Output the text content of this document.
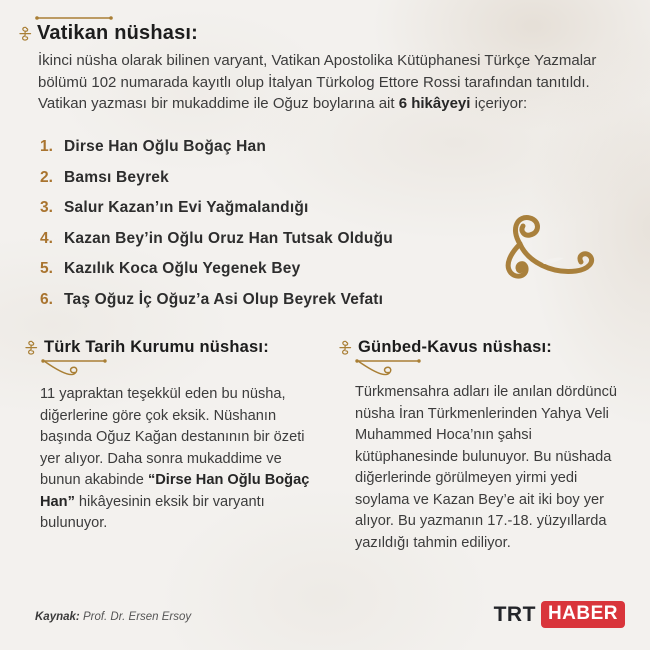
Vatikan nüshası:

İkinci nüsha olarak bilinen varyant, Vatikan Apostolika Kütüphanesi Türkçe Yazmalar bölümü 102 numarada kayıtlı olup İtalyan Türkolog Ettore Rossi tarafından tanıtıldı. Vatikan yazması bir mukaddime ile Oğuz boylarına ait 6 hikâyeyi içeriyor:

1. Dirse Han Oğlu Boğaç Han
2. Bamsı Beyrek
3. Salur Kazan’ın Evi Yağmalandığı
4. Kazan Bey’in Oğlu Oruz Han Tutsak Olduğu
5. Kazılık Koca Oğlu Yegenek Bey
6. Taş Oğuz İç Oğuz’a Asi Olup Beyrek Vefatı
Türk Tarih Kurumu nüshası:

11 yapraktan teşekkül eden bu nüsha, diğerlerine göre çok eksik. Nüshanın başında Oğuz Kağan destanının bir özeti yer alıyor. Daha sonra mukaddime ve bunun akabinde “Dirse Han Oğlu Boğaç Han” hikâyesinin eksik bir varyantı bulunuyor.

Günbed-Kavus nüshası:

Türkmensahra adları ile anılan dördüncü nüsha İran Türkmenlerinden Yahya Veli Muhammed Hoca’nın şahsi kütüphanesinde bulunuyor. Bu nüshada diğerlerinde görülmeyen yirmi yedi soylama ve Kazan Bey’e ait iki boy yer alıyor. Bu yazmanın 17.-18. yüzyıllarda yazıldığı tahmin ediliyor.

Kaynak: Prof. Dr. Ersen Ersoy	TRT HABER
